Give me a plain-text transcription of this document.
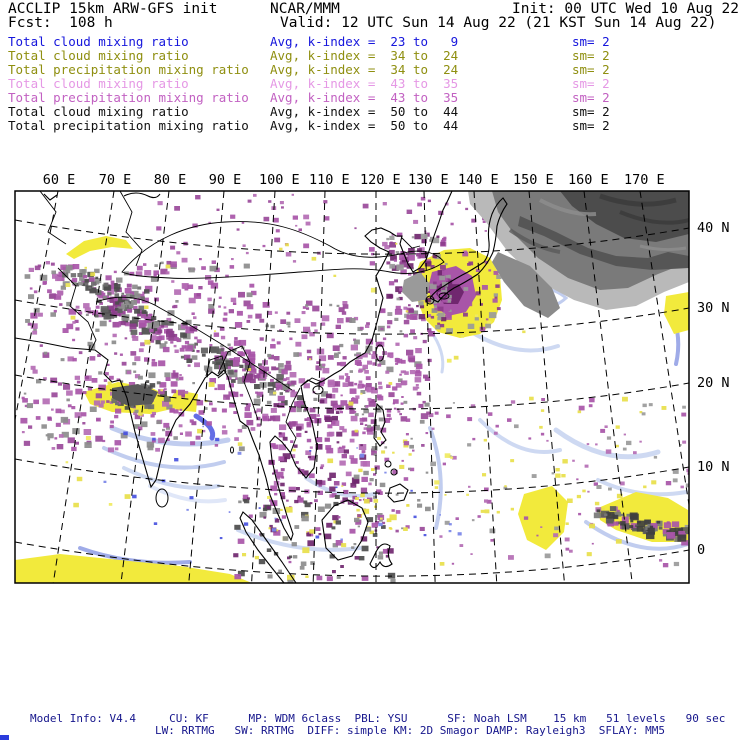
ACCLIP 15km ARW-GFS init	NCAR/MMM	Init: 00 UTC Wed 10 Aug 22
Fcst:  108 h	Valid: 12 UTC Sun 14 Aug 22 (21 KST Sun 14 Aug 22)
Total cloud mixing ratio	Avg, k-index =  23 to   9	sm= 2
Total cloud mixing ratio	Avg, k-index =  34 to  24	sm= 2
Total precipitation mixing ratio Avg, k-index =  34 to  24	sm= 2
Total cloud mixing ratio	Avg, k-index =  43 to  35	sm= 2
Total precipitation mixing ratio Avg, k-index =  43 to  35	sm= 2
Total cloud mixing ratio	Avg, k-index =  50 to  44	sm= 2
Total precipitation mixing ratio Avg, k-index =  50 to  44	sm= 2
60 E 70 E 80 E 90 E 100 E 110 E 120 E 130 E 140 E 150 E 160 E 170 E
40 N
30 N
20 N
10 N
0
Model Info: V4.4     CU: KF      MP: WDM 6class  PBL: YSU      SF: Noah LSM    15 km   51 levels   90 sec
LW: RRTMG   SW: RRTMG  DIFF: simple KM: 2D Smagor DAMP: Rayleigh3  SFLAY: MM5
